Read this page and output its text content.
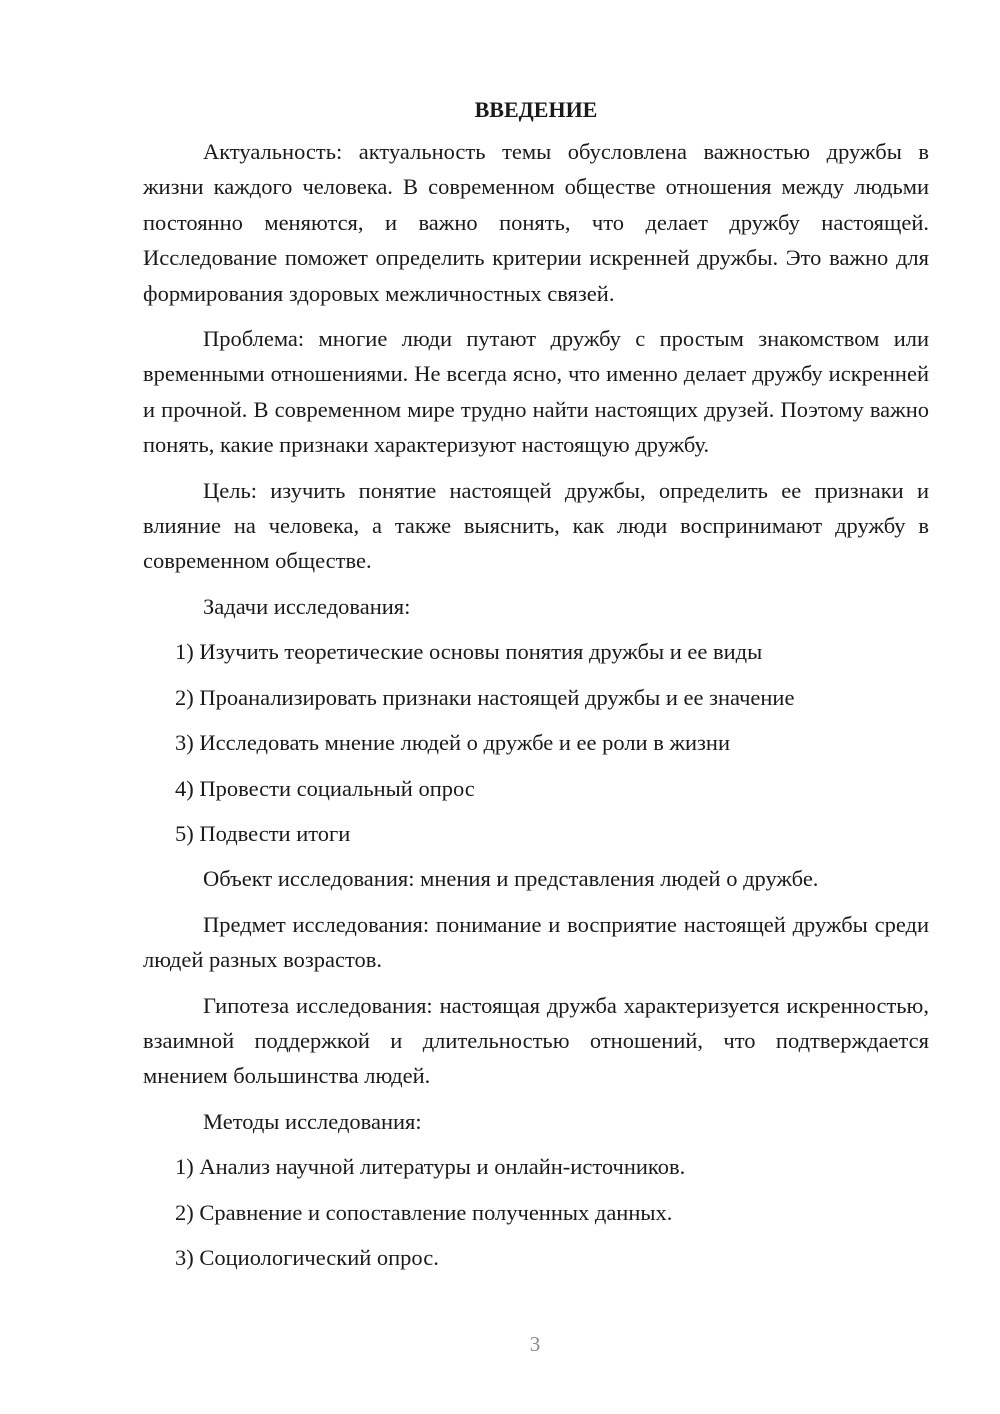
ВВЕДЕНИЕ

Актуальность: актуальность темы обусловлена важностью дружбы в жизни каждого человека. В современном обществе отношения между людьми постоянно меняются, и важно понять, что делает дружбу настоящей. Исследование поможет определить критерии искренней дружбы. Это важно для формирования здоровых межличностных связей.

Проблема: многие люди путают дружбу с простым знакомством или временными отношениями. Не всегда ясно, что именно делает дружбу искренней и прочной. В современном мире трудно найти настоящих друзей. Поэтому важно понять, какие признаки характеризуют настоящую дружбу.

Цель: изучить понятие настоящей дружбы, определить ее признаки и влияние на человека, а также выяснить, как люди воспринимают дружбу в современном обществе.

Задачи исследования:
1) Изучить теоретические основы понятия дружбы и ее виды
2) Проанализировать признаки настоящей дружбы и ее значение
3) Исследовать мнение людей о дружбе и ее роли в жизни
4) Провести социальный опрос
5) Подвести итоги
Объект исследования: мнения и представления людей о дружбе.

Предмет исследования: понимание и восприятие настоящей дружбы среди людей разных возрастов.

Гипотеза исследования: настоящая дружба характеризуется искренностью, взаимной поддержкой и длительностью отношений, что подтверждается мнением большинства людей.

Методы исследования:
1) Анализ научной литературы и онлайн-источников.
2) Сравнение и сопоставление полученных данных.
3) Социологический опрос.
3
